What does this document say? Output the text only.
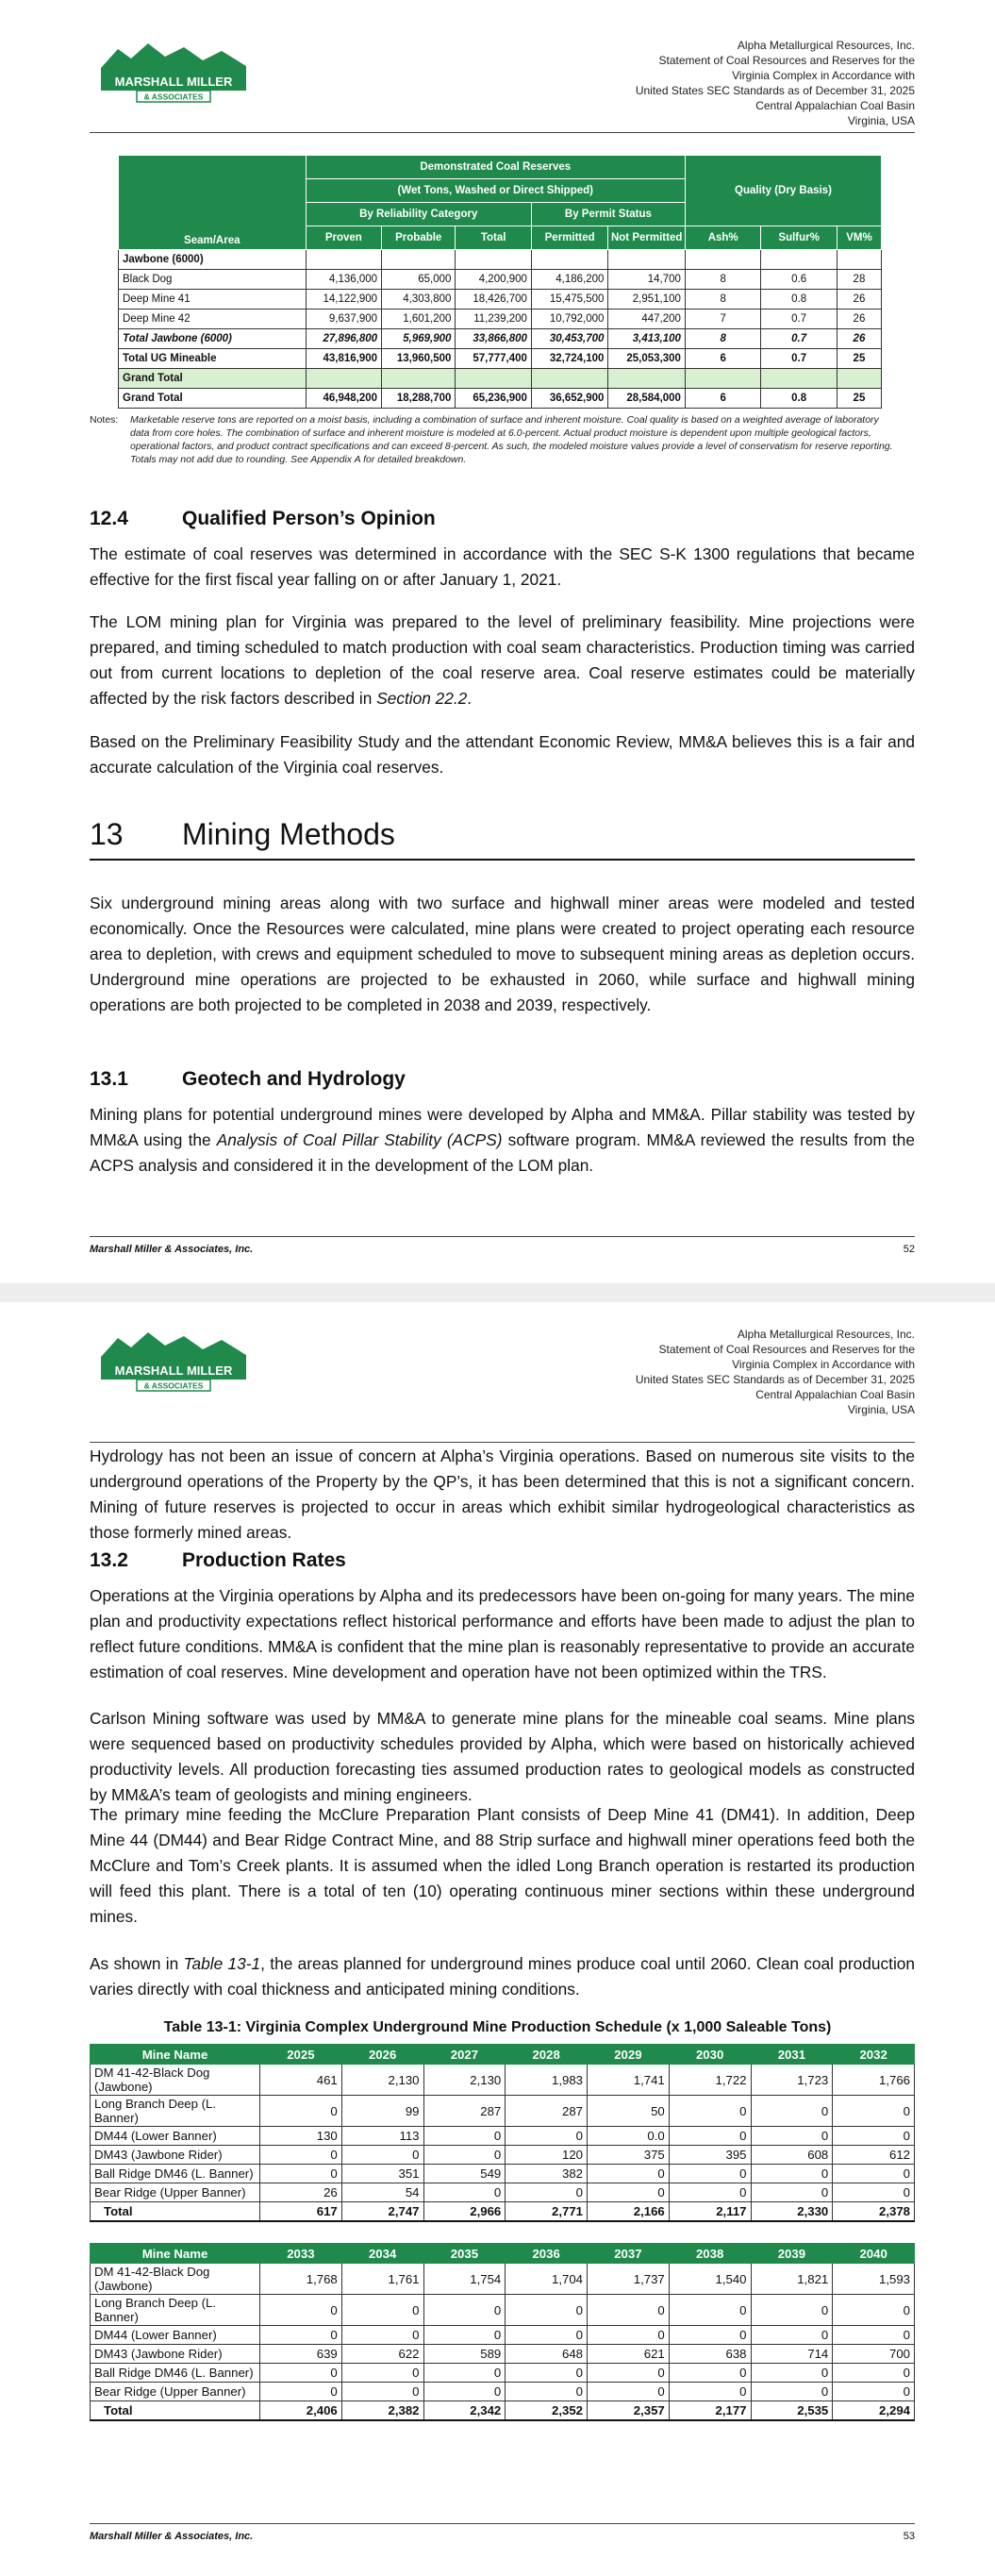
MARSHALL MILLER
& ASSOCIATES
Alpha Metallurgical Resources, Inc.
Statement of Coal Resources and Reserves for the
Virginia Complex in Accordance with
United States SEC Standards as of December 31, 2025
Central Appalachian Coal Basin
Virginia, USA
Seam/Area	Demonstrated Coal Reserves					Quality (Dry Basis)		
	(Wet Tons, Washed or Direct Shipped)							
	By Reliability Category			By Permit Status				
	Proven	Probable	Total	Permitted	Not Permitted	Ash%	Sulfur%	VM%
Jawbone (6000)								
Black Dog	4,136,000	65,000	4,200,900	4,186,200	14,700	8	0.6	28
Deep Mine 41	14,122,900	4,303,800	18,426,700	15,475,500	2,951,100	8	0.8	26
Deep Mine 42	9,637,900	1,601,200	11,239,200	10,792,000	447,200	7	0.7	26
Total Jawbone (6000)	27,896,800	5,969,900	33,866,800	30,453,700	3,413,100	8	0.7	26
Total UG Mineable	43,816,900	13,960,500	57,777,400	32,724,100	25,053,300	6	0.7	25
Grand Total								
Grand Total	46,948,200	18,288,700	65,236,900	36,652,900	28,584,000	6	0.8	25
Notes: Marketable reserve tons are reported on a moist basis, including a combination of surface and inherent moisture. Coal quality is based on a weighted average of laboratory data from core holes. The combination of surface and inherent moisture is modeled at 6.0-percent. Actual product moisture is dependent upon multiple geological factors, operational factors, and product contract specifications and can exceed 8-percent. As such, the modeled moisture values provide a level of conservatism for reserve reporting.
Totals may not add due to rounding. See Appendix A for detailed breakdown.
12.4	Qualified Person’s Opinion
The estimate of coal reserves was determined in accordance with the SEC S-K 1300 regulations that became effective for the first fiscal year falling on or after January 1, 2021.
The LOM mining plan for Virginia was prepared to the level of preliminary feasibility. Mine projections were prepared, and timing scheduled to match production with coal seam characteristics. Production timing was carried out from current locations to depletion of the coal reserve area. Coal reserve estimates could be materially affected by the risk factors described in Section 22.2.
Based on the Preliminary Feasibility Study and the attendant Economic Review, MM&A believes this is a fair and accurate calculation of the Virginia coal reserves.
13 Mining Methods
Six underground mining areas along with two surface and highwall miner areas were modeled and tested economically. Once the Resources were calculated, mine plans were created to project operating each resource area to depletion, with crews and equipment scheduled to move to subsequent mining areas as depletion occurs. Underground mine operations are projected to be exhausted in 2060, while surface and highwall mining operations are both projected to be completed in 2038 and 2039, respectively.
13.1	Geotech and Hydrology
Mining plans for potential underground mines were developed by Alpha and MM&A. Pillar stability was tested by MM&A using the Analysis of Coal Pillar Stability (ACPS) software program. MM&A reviewed the results from the ACPS analysis and considered it in the development of the LOM plan.
Marshall Miller & Associates, Inc.	52
MARSHALL MILLER
& ASSOCIATES
Alpha Metallurgical Resources, Inc.
Statement of Coal Resources and Reserves for the
Virginia Complex in Accordance with
United States SEC Standards as of December 31, 2025
Central Appalachian Coal Basin
Virginia, USA
Hydrology has not been an issue of concern at Alpha’s Virginia operations. Based on numerous site visits to the underground operations of the Property by the QP’s, it has been determined that this is not a significant concern. Mining of future reserves is projected to occur in areas which exhibit similar hydrogeological characteristics as those formerly mined areas.
13.2	Production Rates
Operations at the Virginia operations by Alpha and its predecessors have been on-going for many years. The mine plan and productivity expectations reflect historical performance and efforts have been made to adjust the plan to reflect future conditions. MM&A is confident that the mine plan is reasonably representative to provide an accurate estimation of coal reserves. Mine development and operation have not been optimized within the TRS.
Carlson Mining software was used by MM&A to generate mine plans for the mineable coal seams. Mine plans were sequenced based on productivity schedules provided by Alpha, which were based on historically achieved productivity levels. All production forecasting ties assumed production rates to geological models as constructed by MM&A’s team of geologists and mining engineers.
The primary mine feeding the McClure Preparation Plant consists of Deep Mine 41 (DM41). In addition, Deep Mine 44 (DM44) and Bear Ridge Contract Mine, and 88 Strip surface and highwall miner operations feed both the McClure and Tom’s Creek plants. It is assumed when the idled Long Branch operation is restarted its production will feed this plant. There is a total of ten (10) operating continuous miner sections within these underground mines.
As shown in Table 13-1, the areas planned for underground mines produce coal until 2060. Clean coal production varies directly with coal thickness and anticipated mining conditions.
Table 13-1: Virginia Complex Underground Mine Production Schedule (x 1,000 Saleable Tons)
Mine Name	2025	2026	2027	2028	2029	2030	2031	2032
DM 41-42-Black Dog (Jawbone)	461	2,130	2,130	1,983	1,741	1,722	1,723	1,766
Long Branch Deep (L. Banner)	0	99	287	287	50	0	0	0
DM44 (Lower Banner)	130	113	0	0	0.0	0	0	0
DM43 (Jawbone Rider)	0	0	0	120	375	395	608	612
Ball Ridge DM46 (L. Banner)	0	351	549	382	0	0	0	0
Bear Ridge (Upper Banner)	26	54	0	0	0	0	0	0
Total	617	2,747	2,966	2,771	2,166	2,117	2,330	2,378

Mine Name	2033	2034	2035	2036	2037	2038	2039	2040
DM 41-42-Black Dog (Jawbone)	1,768	1,761	1,754	1,704	1,737	1,540	1,821	1,593
Long Branch Deep (L. Banner)	0	0	0	0	0	0	0	0
DM44 (Lower Banner)	0	0	0	0	0	0	0	0
DM43 (Jawbone Rider)	639	622	589	648	621	638	714	700
Ball Ridge DM46 (L. Banner)	0	0	0	0	0	0	0	0
Bear Ridge (Upper Banner)	0	0	0	0	0	0	0	0
Total	2,406	2,382	2,342	2,352	2,357	2,177	2,535	2,294
Marshall Miller & Associates, Inc.	53
